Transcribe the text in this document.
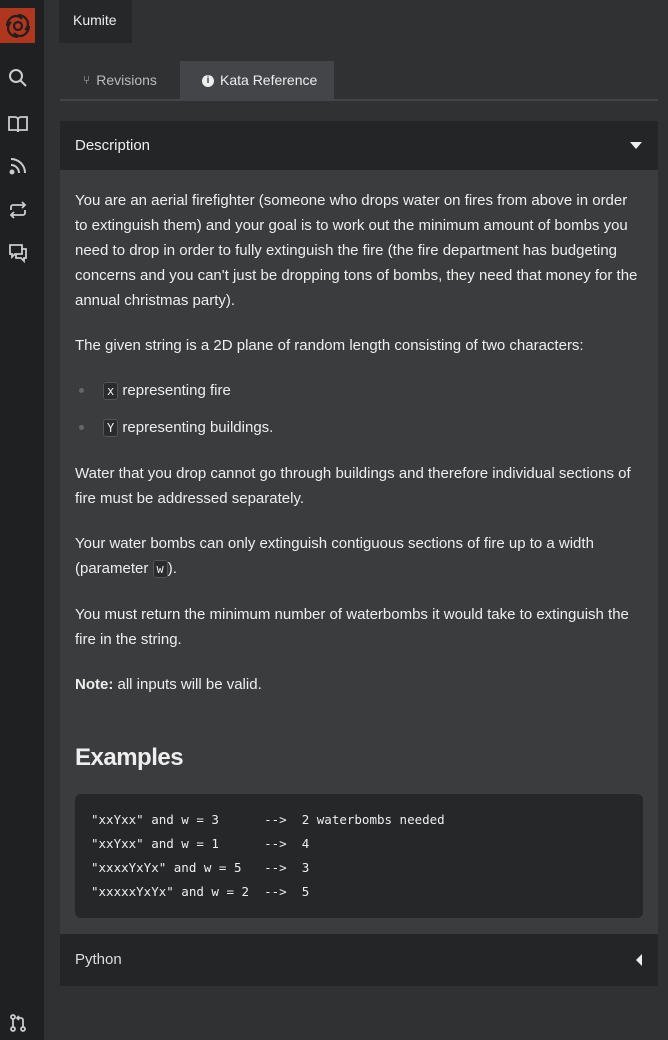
Kumite
⑂ Revisions	i Kata Reference
Description

You are an aerial firefighter (someone who drops water on fires from above in order to extinguish them) and your goal is to work out the minimum amount of bombs you need to drop in order to fully extinguish the fire (the fire department has budgeting concerns and you can't just be dropping tons of bombs, they need that money for the annual christmas party).

The given string is a 2D plane of random length consisting of two characters:

x representing fire
Y representing buildings.

Water that you drop cannot go through buildings and therefore individual sections of fire must be addressed separately.

Your water bombs can only extinguish contiguous sections of fire up to a width (parameter w ).

You must return the minimum number of waterbombs it would take to extinguish the fire in the string.

Note: all inputs will be valid.

Examples
"xxYxx" and w = 3      -->  2 waterbombs needed
"xxYxx" and w = 1      -->  4
"xxxxYxYx" and w = 5   -->  3
"xxxxxYxYx" and w = 2  -->  5
Python
